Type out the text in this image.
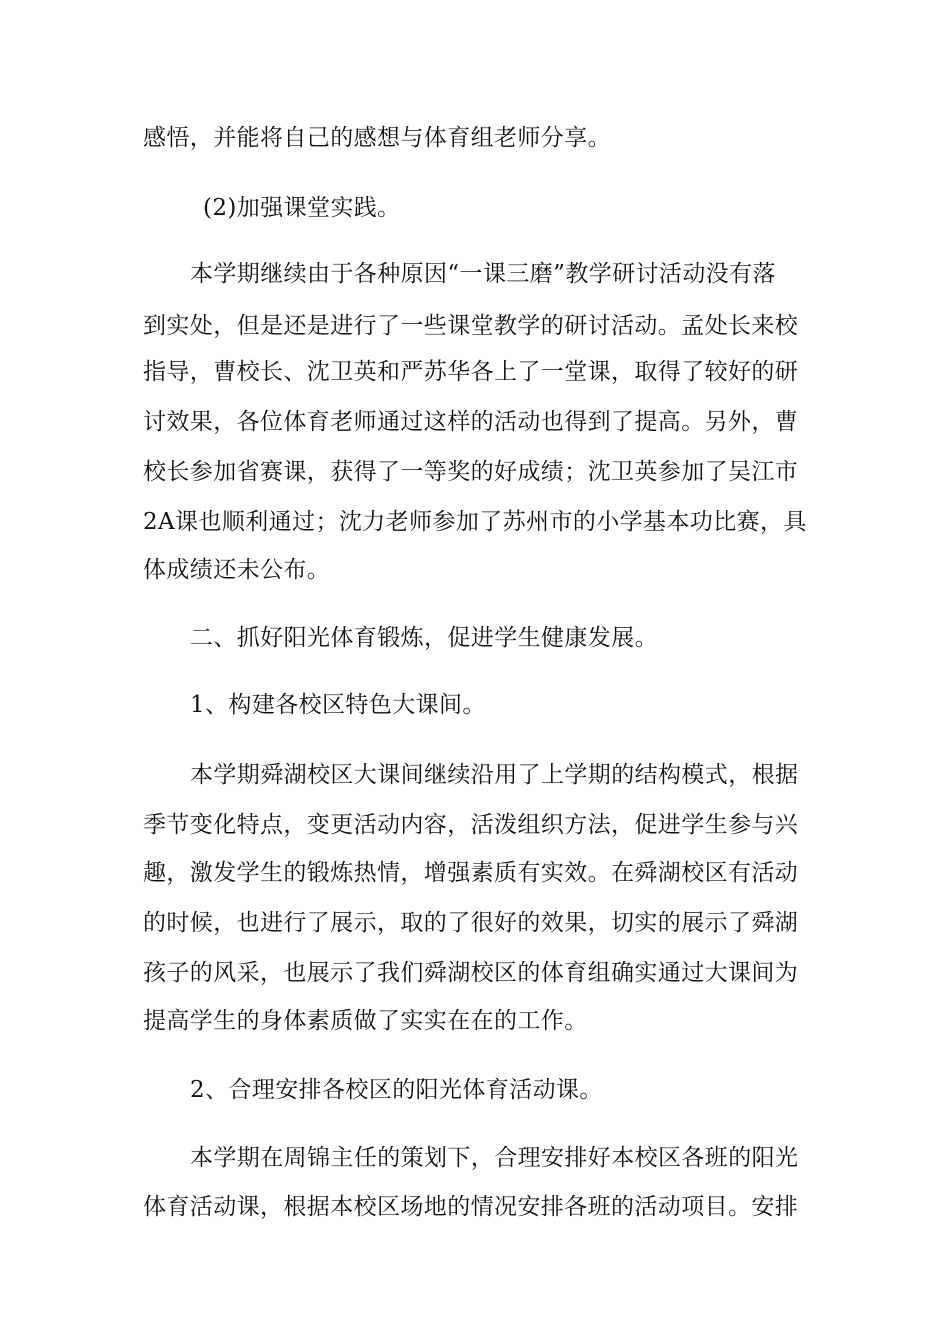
感悟，并能将自己的感想与体育组老师分享。
(2)加强课堂实践。
本学期继续由于各种原因“一课三磨”教学研讨活动没有落
到实处，但是还是进行了一些课堂教学的研讨活动。孟处长来校
指导，曹校长、沈卫英和严苏华各上了一堂课，取得了较好的研
讨效果，各位体育老师通过这样的活动也得到了提高。另外，曹
校长参加省赛课，获得了一等奖的好成绩；沈卫英参加了吴江市
2A课也顺利通过；沈力老师参加了苏州市的小学基本功比赛，具
体成绩还未公布。
二、抓好阳光体育锻炼，促进学生健康发展。
1、构建各校区特色大课间。
本学期舜湖校区大课间继续沿用了上学期的结构模式，根据
季节变化特点，变更活动内容，活泼组织方法，促进学生参与兴
趣，激发学生的锻炼热情，增强素质有实效。在舜湖校区有活动
的时候，也进行了展示，取的了很好的效果，切实的展示了舜湖
孩子的风采，也展示了我们舜湖校区的体育组确实通过大课间为
提高学生的身体素质做了实实在在的工作。
2、合理安排各校区的阳光体育活动课。
本学期在周锦主任的策划下，合理安排好本校区各班的阳光
体育活动课，根据本校区场地的情况安排各班的活动项目。安排
